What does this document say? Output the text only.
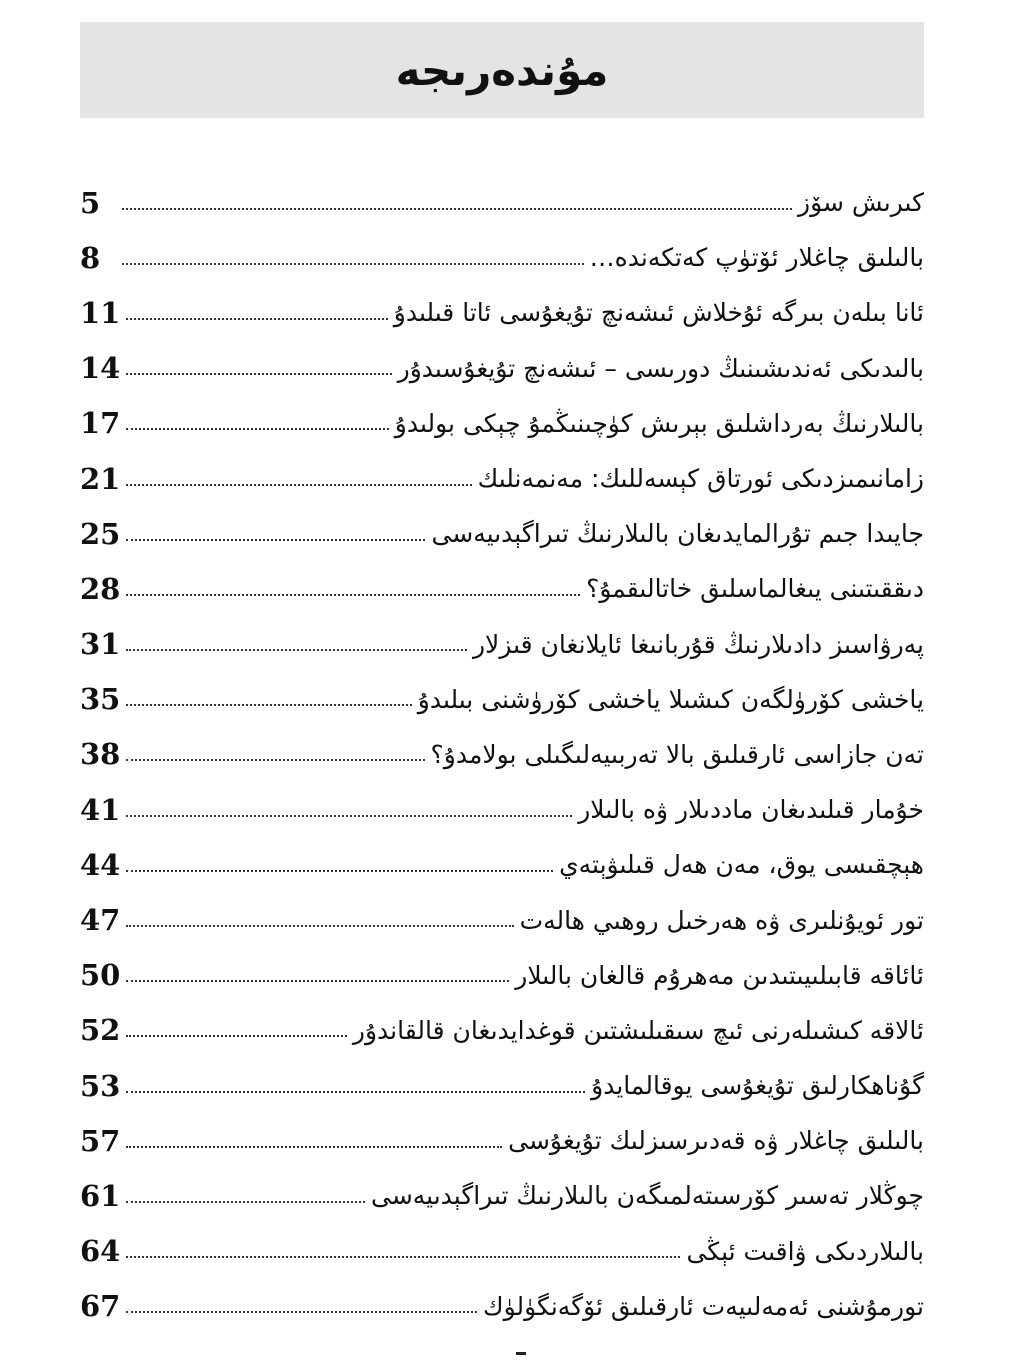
مۇندەرىجە
5	كىرىش سۆز
8	بالىلىق چاغلار ئۆتۈپ كەتكەندە…
11	ئانا بىلەن بىرگە ئۇخلاش ئىشەنچ تۇيغۇسى ئاتا قىلىدۇ
14	بالىدىكى ئەندىشىنىڭ دورىسى – ئىشەنچ تۇيغۇسىدۇر
17	بالىلارنىڭ بەرداشلىق بېرىش كۈچىنىڭمۇ چېكى بولىدۇ
21	زامانىمىزدىكى ئورتاق كېسەللىك: مەنمەنلىك
25	جايىدا جىم تۇرالمايدىغان بالىلارنىڭ تىراگېدىيەسى
28	دىققىتىنى يىغالماسلىق خاتالىقمۇ؟
31	پەرۋاسىز دادىلارنىڭ قۇربانىغا ئايلانغان قىزلار
35	ياخشى كۆرۈلگەن كىشىلا ياخشى كۆرۈشنى بىلىدۇ
38	تەن جازاسى ئارقىلىق بالا تەربىيەلىگىلى بولامدۇ؟
41	خۇمار قىلىدىغان ماددىلار ۋە بالىلار
44	ھېچقىسى يوق، مەن ھەل قىلىۋېتەي
47	تور ئويۇنلىرى ۋە ھەرخىل روھىي ھالەت
50	ئائاقە قابىلىيىتىدىن مەھرۇم قالغان بالىلار
52	ئالاقە كىشىلەرنى ئىچ سىقىلىشتىن قوغدايدىغان قالقاندۇر
53	گۇناھكارلىق تۇيغۇسى يوقالمايدۇ
57	بالىلىق چاغلار ۋە قەدىرسىزلىك تۇيغۇسى
61	چوڭلار تەسىر كۆرسىتەلمىگەن بالىلارنىڭ تىراگېدىيەسى
64	بالىلاردىكى ۋاقىت ئېڭى
67	تورمۇشنى ئەمەلىيەت ئارقىلىق ئۆگەنگۈلۈك
